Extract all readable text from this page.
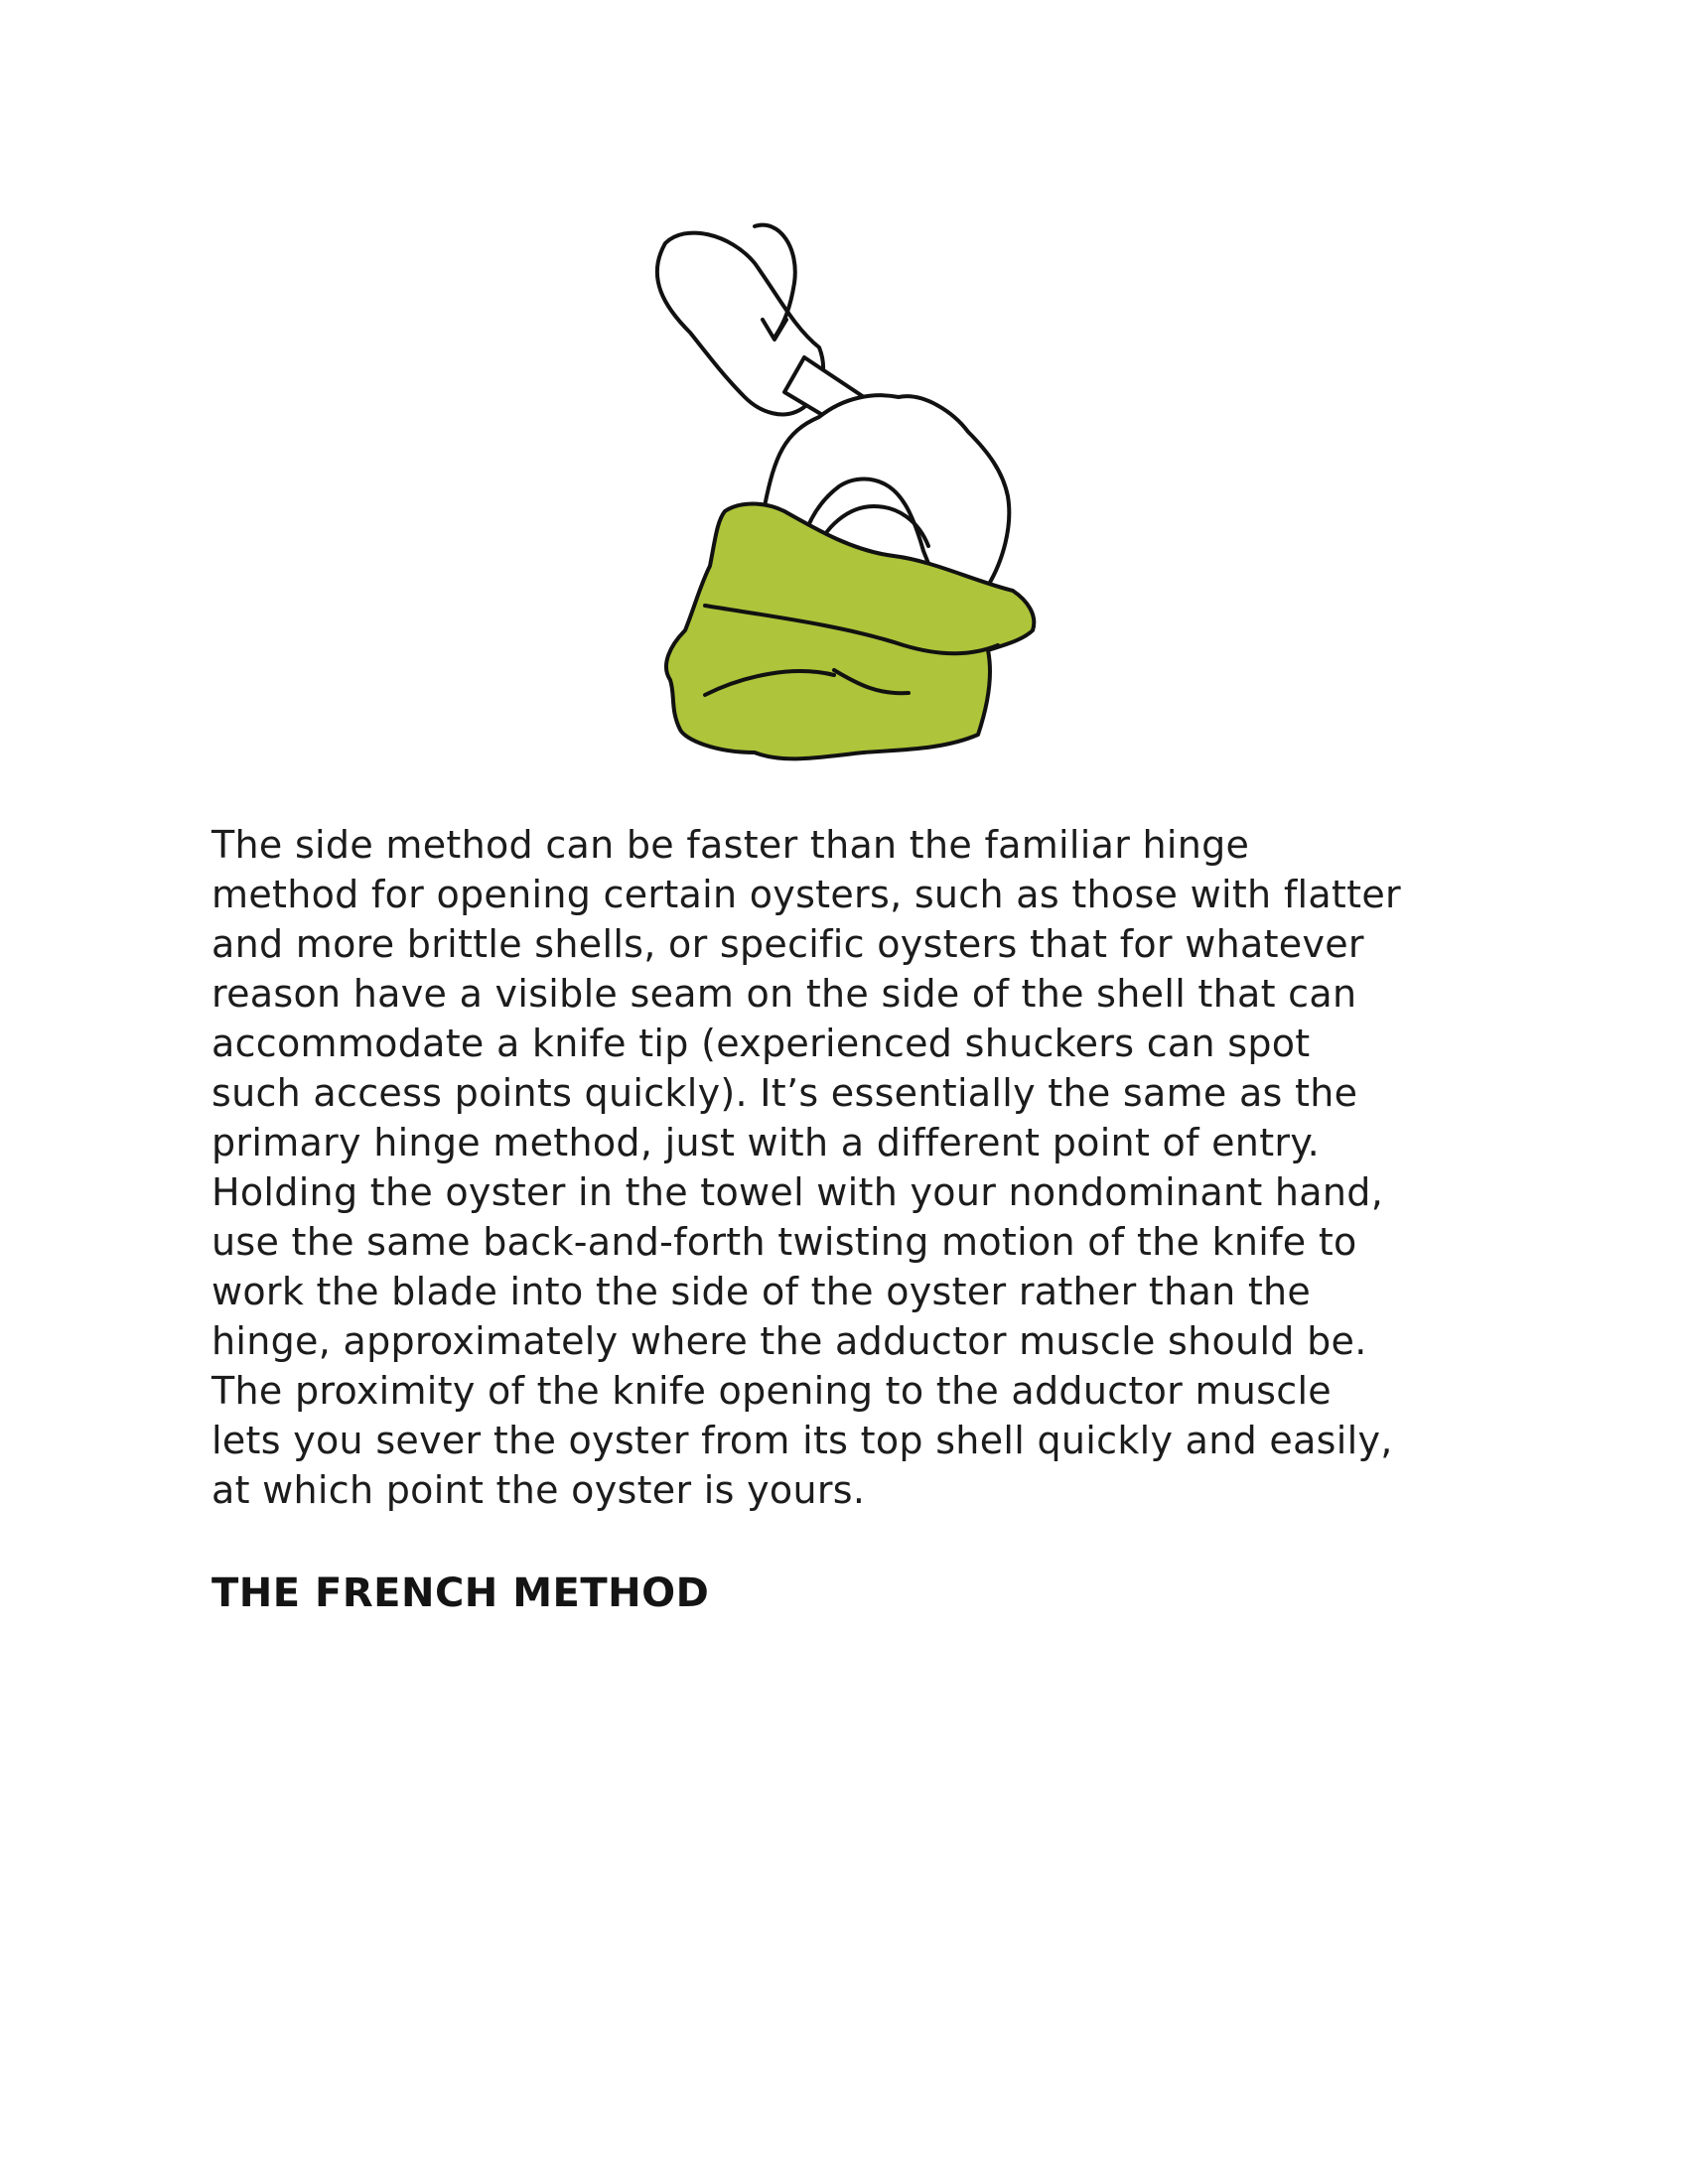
The side method can be faster than the familiar hinge
method for opening certain oysters, such as those with flatter
and more brittle shells, or specific oysters that for whatever
reason have a visible seam on the side of the shell that can
accommodate a knife tip (experienced shuckers can spot
such access points quickly). It’s essentially the same as the
primary hinge method, just with a different point of entry.
Holding the oyster in the towel with your nondominant hand,
use the same back-and-forth twisting motion of the knife to
work the blade into the side of the oyster rather than the
hinge, approximately where the adductor muscle should be.
The proximity of the knife opening to the adductor muscle
lets you sever the oyster from its top shell quickly and easily,
at which point the oyster is yours.

THE FRENCH METHOD
